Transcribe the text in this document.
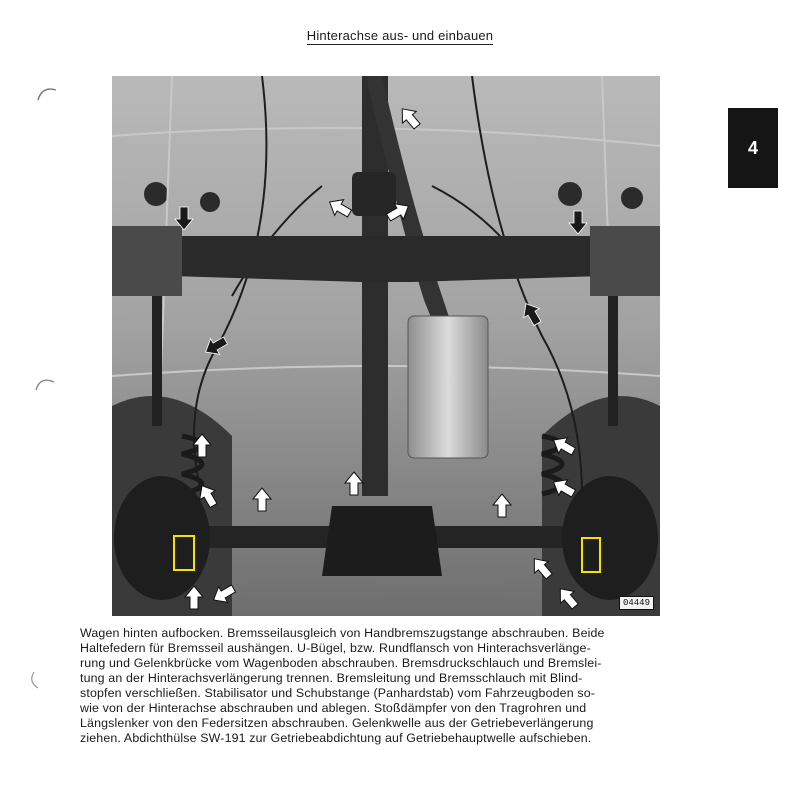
Hinterachse aus- und einbauen
4
04449

Wagen hinten aufbocken. Bremsseilausgleich von Handbremszugstange abschrauben. Beide

Haltefedern für Bremsseil aushängen. U-Bügel, bzw. Rundflansch von Hinterachsverlänge-

rung und Gelenkbrücke vom Wagenboden abschrauben. Bremsdruckschlauch und Bremslei-

tung an der Hinterachsverlängerung trennen. Bremsleitung und Bremsschlauch mit Blind-

stopfen verschließen. Stabilisator und Schubstange (Panhardstab) vom Fahrzeugboden so-

wie von der Hinterachse abschrauben und ablegen. Stoßdämpfer von den Tragrohren und

Längslenker von den Federsitzen abschrauben. Gelenkwelle aus der Getriebeverlängerung

ziehen. Abdichthülse SW-191 zur Getriebeabdichtung auf Getriebehauptwelle aufschieben.
